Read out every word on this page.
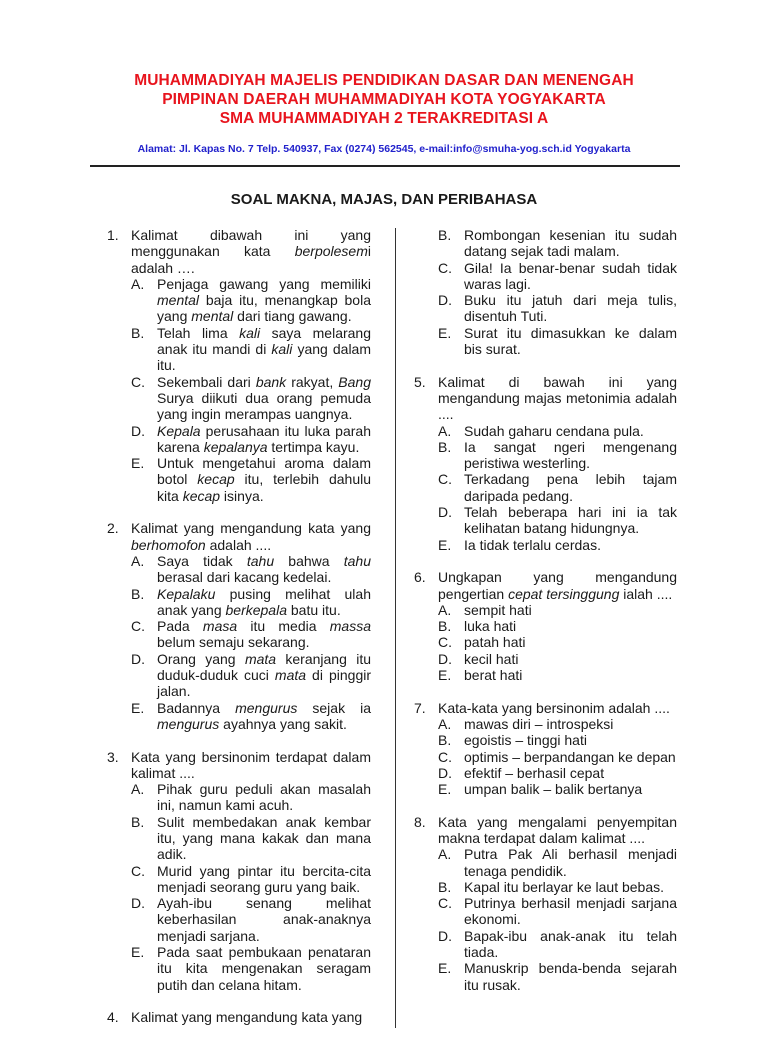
MUHAMMADIYAH MAJELIS PENDIDIKAN DASAR DAN MENENGAH
PIMPINAN DAERAH MUHAMMADIYAH KOTA YOGYAKARTA
SMA MUHAMMADIYAH 2 TERAKREDITASI A
Alamat: Jl. Kapas No. 7 Telp. 540937, Fax (0274) 562545, e-mail:info@smuha-yog.sch.id Yogyakarta
SOAL MAKNA, MAJAS, DAN PERIBAHASA
1. Kalimat dibawah ini yang menggunakan kata berpolesemi adalah ….
A. Penjaga gawang yang memiliki mental baja itu, menangkap bola yang mental dari tiang gawang.
B. Telah lima kali saya melarang anak itu mandi di kali yang dalam itu.
C. Sekembali dari bank rakyat, Bang Surya diikuti dua orang pemuda yang ingin merampas uangnya.
D. Kepala perusahaan itu luka parah karena kepalanya tertimpa kayu.
E. Untuk mengetahui aroma dalam botol kecap itu, terlebih dahulu kita kecap isinya.
2. Kalimat yang mengandung kata yang berhomofon adalah ....
A. Saya tidak tahu bahwa tahu berasal dari kacang kedelai.
B. Kepalaku pusing melihat ulah anak yang berkepala batu itu.
C. Pada masa itu media massa belum semaju sekarang.
D. Orang yang mata keranjang itu duduk-duduk cuci mata di pinggir jalan.
E. Badannya mengurus sejak ia mengurus ayahnya yang sakit.
3. Kata yang bersinonim terdapat dalam kalimat ....
A. Pihak guru peduli akan masalah ini, namun kami acuh.
B. Sulit membedakan anak kembar itu, yang mana kakak dan mana adik.
C. Murid yang pintar itu bercita-cita menjadi seorang guru yang baik.
D. Ayah-ibu senang melihat keberhasilan anak-anaknya menjadi sarjana.
E. Pada saat pembukaan penataran itu kita mengenakan seragam putih dan celana hitam.
4. Kalimat yang mengandung kata yang
B. Rombongan kesenian itu sudah datang sejak tadi malam.
C. Gila! Ia benar-benar sudah tidak waras lagi.
D. Buku itu jatuh dari meja tulis, disentuh Tuti.
E. Surat itu dimasukkan ke dalam bis surat.
5. Kalimat di bawah ini yang mengandung majas metonimia adalah ....
A. Sudah gaharu cendana pula.
B. Ia sangat ngeri mengenang peristiwa westerling.
C. Terkadang pena lebih tajam daripada pedang.
D. Telah beberapa hari ini ia tak kelihatan batang hidungnya.
E. Ia tidak terlalu cerdas.
6. Ungkapan yang mengandung pengertian cepat tersinggung ialah ....
A. sempit hati
B. luka hati
C. patah hati
D. kecil hati
E. berat hati
7. Kata-kata yang bersinonim adalah ....
A. mawas diri – introspeksi
B. egoistis – tinggi hati
C. optimis – berpandangan ke depan
D. efektif – berhasil cepat
E. umpan balik – balik bertanya
8. Kata yang mengalami penyempitan makna terdapat dalam kalimat ....
A. Putra Pak Ali berhasil menjadi tenaga pendidik.
B. Kapal itu berlayar ke laut bebas.
C. Putrinya berhasil menjadi sarjana ekonomi.
D. Bapak-ibu anak-anak itu telah tiada.
E. Manuskrip benda-benda sejarah itu rusak.
